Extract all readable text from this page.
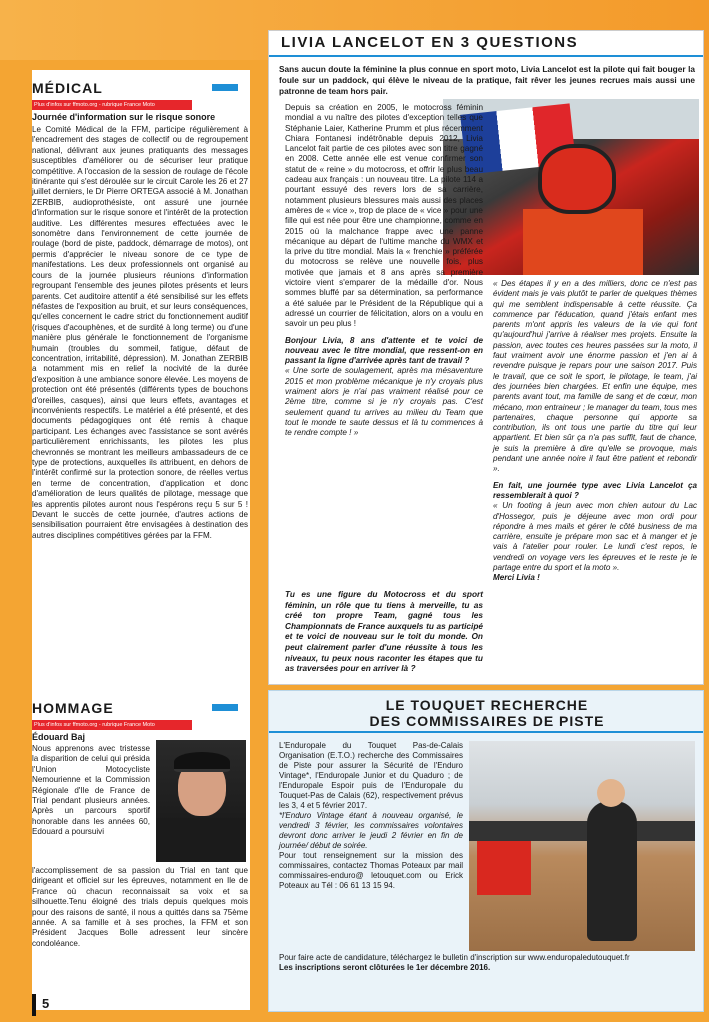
MÉDICAL
Plus d'infos sur ffmoto.org - rubrique France Moto
Journée d'information sur le risque sonore

Le Comité Médical de la FFM, participe régulièrement à l'encadrement des stages de collectif ou de regroupement national, délivrant aux jeunes pratiquants des messages susceptibles d'améliorer ou de sécuriser leur pratique compétitive. A l'occasion de la session de roulage de l'école itinérante qui s'est déroulée sur le circuit Carole les 26 et 27 juillet derniers, le Dr Pierre ORTEGA associé à M. Jonathan ZERBIB, audioprothésiste, ont assuré une journée d'information sur le risque sonore et l'intérêt de la protection auditive. Les différentes mesures effectuées avec le sonomètre dans l'environnement de cette journée de roulage (bord de piste, paddock, démarrage de motos), ont permis d'apprécier le niveau sonore de ce type de manifestations. Les deux professionnels ont organisé au cours de la journée plusieurs réunions d'information regroupant l'ensemble des jeunes pilotes présents et leurs parents. Cet auditoire attentif a été sensibilisé sur les effets néfastes de l'exposition au bruit, et sur leurs conséquences, qu'elles concernent le cadre strict du fonctionnement auditif (risques d'acouphènes, et de surdité à long terme) ou d'une manière plus générale le fonctionnement de l'organisme humain (troubles du sommeil, fatigue, défaut de concentration, irritabilité, dépression). M. Jonathan ZERBIB a notamment mis en relief la nocivité de la durée d'exposition à une ambiance sonore élevée. Les moyens de protection ont été présentés (différents types de bouchons d'oreilles, casques), ainsi que leurs effets, avantages et inconvénients respectifs. Le matériel a été présenté, et des documents pédagogiques ont été remis à chaque participant. Les échanges avec l'assistance se sont avérés particulièrement enrichissants, les pilotes les plus chevronnés se montrant les meilleurs ambassadeurs de ce type de protections, auxquelles ils attribuent, en dehors de l'intérêt confirmé sur la protection sonore, de réelles vertus en terme de concentration, d'application et donc d'amélioration de leurs qualités de pilotage, message que les apprentis pilotes auront nous l'espérons reçu 5 sur 5 ! Devant le succès de cette journée, d'autres actions de sensibilisation pourraient être envisagées à destination des autres disciplines compétitives gérées par la FFM.

HOMMAGE
Plus d'infos sur ffmoto.org - rubrique France Moto
Édouard Baj

Nous apprenons avec tristesse la disparition de celui qui présida l'Union Motocycliste Nemourienne et la Commission Régionale d'Ile de France de Trial pendant plusieurs années. Après un parcours sportif honorable dans les années 60, Edouard a poursuivi

l'accomplissement de sa passion du Trial en tant que dirigeant et officiel sur les épreuves, notamment en Ile de France où chacun reconnaissait sa voix et sa silhouette.Tenu éloigné des trials depuis quelques mois pour des raisons de santé, il nous a quittés dans sa 75ème année. A sa famille et à ses proches, la FFM et son Président Jacques Bolle adressent leur sincère condoléance.

LIVIA LANCELOT EN 3 QUESTIONS

Sans aucun doute la féminine la plus connue en sport moto, Livia Lancelot est la pilote qui fait bouger la foule sur un paddock, qui élève le niveau de la pratique, fait rêver les jeunes recrues mais aussi une patronne de team hors pair.

Depuis sa création en 2005, le motocross féminin mondial a vu naître des pilotes d'exception telles que Stéphanie Laier, Katherine Prumm et plus récemment Chiara Fontanesi indétrônable depuis 2012, Livia Lancelot fait partie de ces pilotes avec son titre gagné en 2008. Cette année elle est venue confirmer son statut de « reine » du motocross, et offrir le plus beau cadeau aux français : un nouveau titre. La pilote 114 a pourtant essuyé des revers lors de sa carrière, notamment plusieurs blessures mais aussi des places amères de « vice », trop de place de « vice » pour une fille qui est née pour être une championne, comme en 2015 où la malchance frappe avec une panne mécanique au départ de l'ultime manche du WMX et la prive du titre mondial. Mais la « frenchie » préférée du motocross se relève une nouvelle fois, plus motivée que jamais et 8 ans après sa première victoire vient s'emparer de la médaille d'or. Nous sommes bluffé par sa détermination, sa performance a été saluée par le Président de la République qui a adressé un courrier de félicitation, alors on a voulu en savoir un peu plus !

Bonjour Livia, 8 ans d'attente et te voici de nouveau avec le titre mondial, que ressent-on en passant la ligne d'arrivée après tant de travail ?

« Une sorte de soulagement, après ma mésaventure 2015 et mon problème mécanique je n'y croyais plus vraiment alors je n'ai pas vraiment réalisé pour ce 2ème titre, comme si je n'y croyais pas. C'est seulement quand tu arrives au milieu du Team que tout le monde te saute dessus et là tu commences à te rendre compte ! »

Tu es une figure du Motocross et du sport féminin, un rôle que tu tiens à merveille, tu as créé ton propre Team, gagné tous les Championnats de France auxquels tu as participé et te voici de nouveau sur le toit du monde. On peut clairement parler d'une réussite à tous les niveaux, tu peux nous raconter les étapes que tu as traversées pour en arriver là ?

« Des étapes il y en a des milliers, donc ce n'est pas évident mais je vais plutôt te parler de quelques thèmes qui me semblent indispensable à cette réussite. Ça commence par l'éducation, quand j'étais enfant mes parents m'ont appris les valeurs de la vie qui font qu'aujourd'hui j'arrive à réaliser mes projets. Ensuite la passion, avec toutes ces heures passées sur la moto, il faut vraiment avoir une énorme passion et j'en ai à revendre puisque je repars pour une saison 2017. Puis le travail, que ce soit le sport, le pilotage, le team, j'ai des journées bien chargées. Et enfin une équipe, mes parents avant tout, ma famille de sang et de cœur, mon mécano, mon entraineur ; le manager du team, tous mes partenaires, chaque personne qui apporte sa contribution, ils ont tous une partie du titre qui leur appartient. Et bien sûr ça n'a pas suffit, faut de chance, je suis la première à dire qu'elle se provoque, mais pendant une année noire il faut être patient et rebondir ».

En fait, une journée type avec Livia Lancelot ça ressemblerait à quoi ?

« Un footing à jeun avec mon chien autour du Lac d'Hossegor, puis je déjeune avec mon ordi pour répondre à mes mails et gérer le côté business de ma carrière, ensuite je prépare mon sac et à manger et je vais à l'atelier pour rouler. Le lundi c'est repos, le vendredi on voyage vers les épreuves et le reste je le partage entre du sport et la moto ».

Merci Livia !

LE TOUQUET RECHERCHE
DES COMMISSAIRES DE PISTE

L'Enduropale du Touquet Pas-de-Calais Organisation (E.T.O.) recherche des Commissaires de Piste pour assurer la Sécurité de l'Enduro Vintage*, l'Enduropale Junior et du Quaduro ; de l'Enduropale Espoir puis de l'Enduropale du Touquet-Pas de Calais (62), respectivement prévus les 3, 4 et 5 février 2017.

*l'Enduro Vintage étant à nouveau organisé, le vendredi 3 février, les commissaires volontaires devront donc arriver le jeudi 2 février en fin de journée/ début de soirée.

Pour tout renseignement sur la mission des commissaires, contactez Thomas Poteaux par mail commissaires-enduro@ letouquet.com ou Erick Poteaux au Tél : 06 61 13 15 94.

Pour faire acte de candidature, téléchargez le bulletin d'inscription sur www.enduropaledutouquet.fr

Les inscriptions seront clôturées le 1er décembre 2016.

5
